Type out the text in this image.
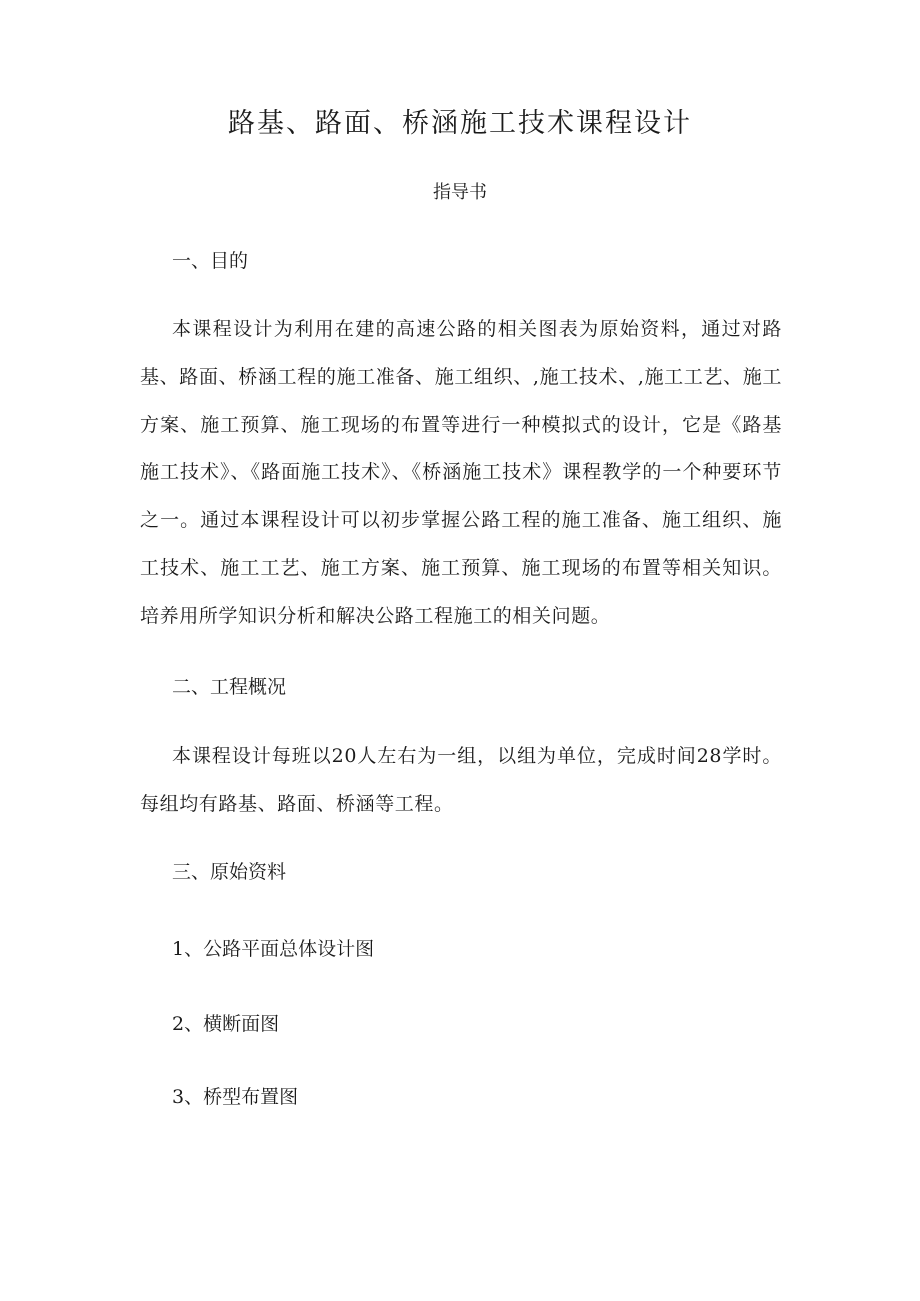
路基、路面、桥涵施工技术课程设计
指导书
一、目的

本课程设计为利用在建的高速公路的相关图表为原始资料，通过对路基、路面、桥涵工程的施工准备、施工组织、,施工技术、,施工工艺、施工方案、施工预算、施工现场的布置等进行一种模拟式的设计，它是《路基施工技术》、《路面施工技术》、《桥涵施工技术》课程教学的一个种要环节之一。通过本课程设计可以初步掌握公路工程的施工准备、施工组织、施工技术、施工工艺、施工方案、施工预算、施工现场的布置等相关知识。培养用所学知识分析和解决公路工程施工的相关问题。

二、工程概况

本课程设计每班以20人左右为一组，以组为单位，完成时间28学时。每组均有路基、路面、桥涵等工程。

三、原始资料

1、公路平面总体设计图

2、横断面图

3、桥型布置图
